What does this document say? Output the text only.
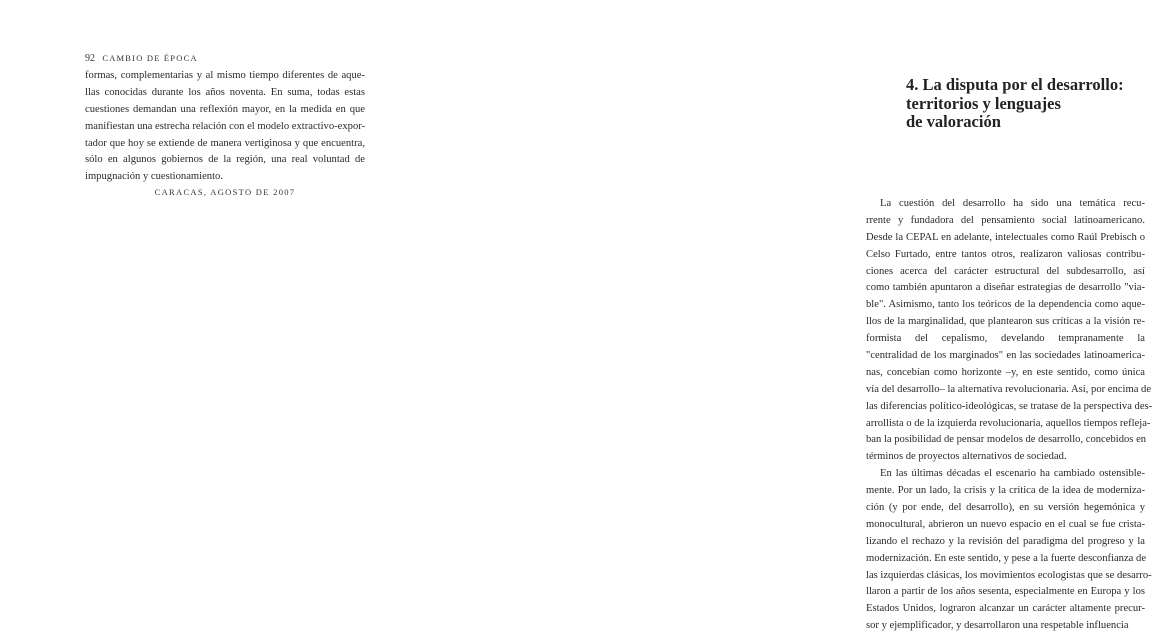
92 CAMBIO DE ÉPOCA
formas, complementarias y al mismo tiempo diferentes de aque-
llas conocidas durante los años noventa. En suma, todas estas
cuestiones demandan una reflexión mayor, en la medida en que
manifiestan una estrecha relación con el modelo extractivo-expor-
tador que hoy se extiende de manera vertiginosa y que encuentra,
sólo en algunos gobiernos de la región, una real voluntad de
impugnación y cuestionamiento.
CARACAS, AGOSTO DE 2007
4. La disputa por el desarrollo:
territorios y lenguajes
de valoración
La cuestión del desarrollo ha sido una temática recu-
rrente y fundadora del pensamiento social latinoamericano.
Desde la CEPAL en adelante, intelectuales como Raúl Prebisch o
Celso Furtado, entre tantos otros, realizaron valiosas contribu-
ciones acerca del carácter estructural del subdesarrollo, así
como también apuntaron a diseñar estrategias de desarrollo "via-
ble". Asimismo, tanto los teóricos de la dependencia como aque-
llos de la marginalidad, que plantearon sus críticas a la visión re-
formista del cepalismo, develando tempranamente la
"centralidad de los marginados" en las sociedades latinoamerica-
nas, concebían como horizonte –y, en este sentido, como única
vía del desarrollo– la alternativa revolucionaria. Así, por encima de
las diferencias político-ideológicas, se tratase de la perspectiva des-
arrollista o de la izquierda revolucionaria, aquellos tiempos refleja-
ban la posibilidad de pensar modelos de desarrollo, concebidos en
términos de proyectos alternativos de sociedad.
En las últimas décadas el escenario ha cambiado ostensible-
mente. Por un lado, la crisis y la crítica de la idea de moderniza-
ción (y por ende, del desarrollo), en su versión hegemónica y
monocultural, abrieron un nuevo espacio en el cual se fue crista-
lizando el rechazo y la revisión del paradigma del progreso y la
modernización. En este sentido, y pese a la fuerte desconfianza de
las izquierdas clásicas, los movimientos ecologistas que se desarro-
llaron a partir de los años sesenta, especialmente en Europa y los
Estados Unidos, lograron alcanzar un carácter altamente precur-
sor y ejemplificador, y desarrollaron una respetable influencia
